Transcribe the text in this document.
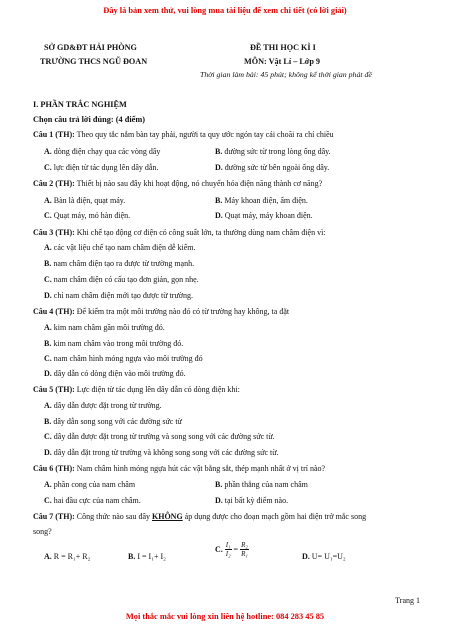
Đây là bản xem thử, vui lòng mua tài liệu để xem chi tiết (có lời giải)
SỞ GD&ĐT HẢI PHÒNG
TRƯỜNG THCS NGŨ ĐOAN
ĐỀ THI HỌC KÌ I
MÔN: Vật Lí – Lớp 9
Thời gian làm bài: 45 phút; không kể thời gian phát đề
I. PHẦN TRẮC NGHIỆM
Chọn câu trả lời đúng: (4 điểm)
Câu 1 (TH): Theo quy tắc nắm bàn tay phải, người ta quy ước ngón tay cái choãi ra chỉ chiều
A. dòng điện chạy qua các vòng dây	B. đường sức từ trong lòng ống dây.
C. lực điện từ tác dụng lên dây dẫn.	D. đường sức từ bên ngoài ống dây.
Câu 2 (TH): Thiết bị nào sau đây khi hoạt động, nó chuyển hóa điện năng thành cơ năng?
A. Bàn là điện, quạt máy.	B. Máy khoan điện, ấm điện.
C. Quạt máy, mỏ hàn điện.	D. Quạt máy, máy khoan điện.
Câu 3 (TH): Khi chế tạo động cơ điện có công suất lớn, ta thường dùng nam châm điện vì:
A. các vật liệu chế tạo nam châm điện dễ kiếm.
B. nam châm điện tạo ra được từ trường mạnh.
C. nam châm điện có cấu tạo đơn giản, gọn nhẹ.
D. chỉ nam châm điện mới tạo được từ trường.
Câu 4 (TH): Để kiểm tra một môi trường nào đó có từ trường hay không, ta đặt
A. kim nam châm gần môi trường đó.
B. kim nam châm vào trong môi trường đó.
C. nam châm hình móng ngựa vào môi trường đó
D. dây dẫn có dòng điện vào môi trường đó.
Câu 5 (TH): Lực điện từ tác dụng lên dây dẫn có dòng điện khi:
A. dây dẫn được đặt trong từ trường.
B. dây dẫn song song với các đường sức từ
C. dây dẫn được đặt trong từ trường và song song với các đường sức từ.
D. dây dẫn đặt trong từ trường và không song song với các đường sức từ.
Câu 6 (TH): Nam châm hình móng ngựa hút các vật bằng sắt, thép mạnh nhất ở vị trí nào?
A. phần cong của nam châm	B. phần thẳng của nam châm
C. hai đầu cực của nam châm.	D. tại bất kỳ điểm nào.
Câu 7 (TH): Công thức nào sau đây KHÔNG áp dụng được cho đoạn mạch gồm hai điện trở mắc song
song?
A. R = R₁+ R₂	B. I = I₁+ I₂
C. $\frac{\text{I₁}}{\text{I₂}} = \frac{\text{R₂}}{\text{R₁}}$	D. U= U₁=U₂
Trang 1
Mọi thắc mắc vui lòng xin liên hệ hotline: 084 283 45 85
